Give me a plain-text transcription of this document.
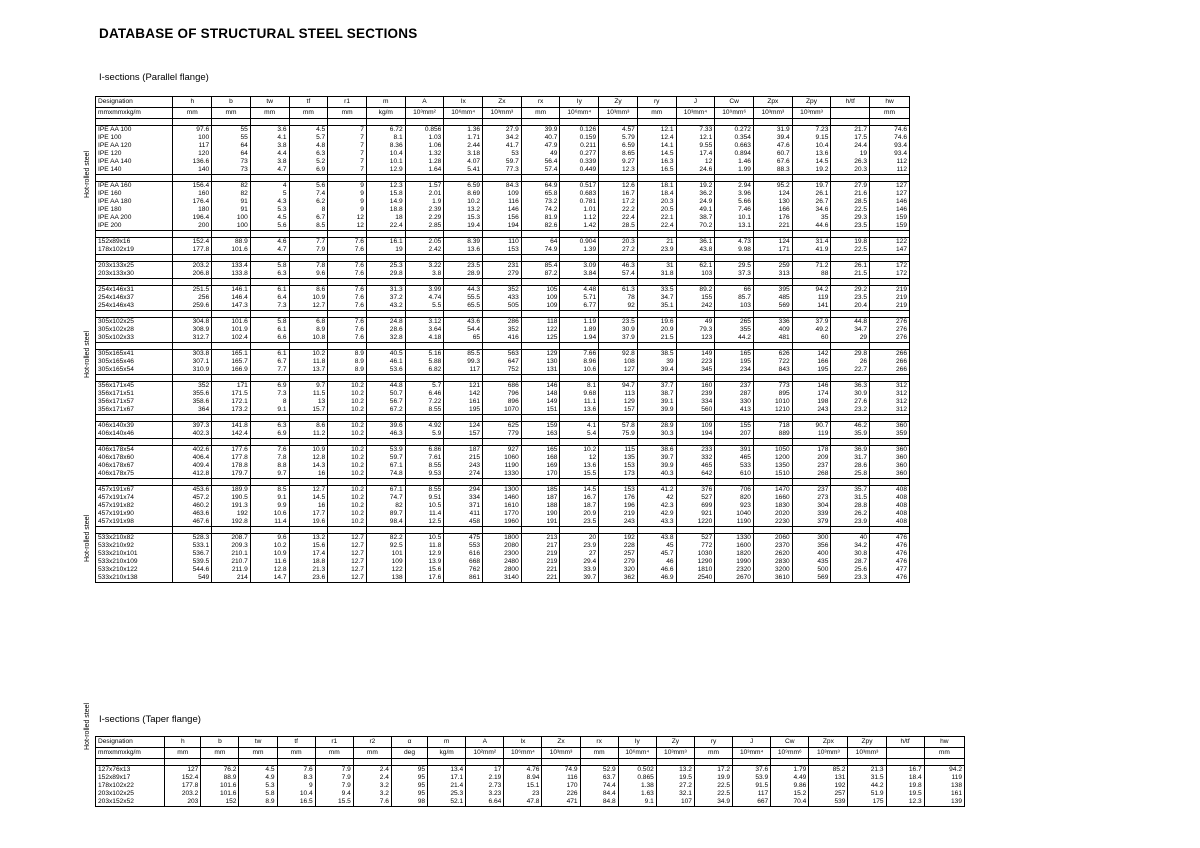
DATABASE OF STRUCTURAL STEEL SECTIONS
I-sections (Parallel flange)
Hot-rolled steel
Hot-rolled steel
Hot-rolled steel
Hot-rolled steel
Designation	h	b	tw	tf	r1	m	A	Ix	Zx	rx	Iy	Zy	ry	J	Cw	Zpx	Zpy	h/tf	hw
mmxmmxkg/m	mm	mm	mm	mm	mm	kg/m	10³mm²	10⁶mm⁴	10³mm³	mm	10⁶mm⁴	10³mm³	mm	10³mm⁴	10⁹mm⁶	10³mm³	10³mm³		mm

IPE AA 100	97.6	55	3.6	4.5	7	6.72	0.856	1.36	27.9	39.9	0.126	4.57	12.1	7.33	0.272	31.9	7.23	21.7	74.6
IPE 100	100	55	4.1	5.7	7	8.1	1.03	1.71	34.2	40.7	0.159	5.79	12.4	12.1	0.354	39.4	9.15	17.5	74.6
IPE AA 120	117	64	3.8	4.8	7	8.36	1.06	2.44	41.7	47.9	0.211	6.59	14.1	9.55	0.663	47.6	10.4	24.4	93.4
IPE 120	120	64	4.4	6.3	7	10.4	1.32	3.18	53	49	0.277	8.65	14.5	17.4	0.894	60.7	13.6	19	93.4
IPE AA 140	136.6	73	3.8	5.2	7	10.1	1.28	4.07	59.7	56.4	0.339	9.27	16.3	12	1.46	67.6	14.5	26.3	112
IPE 140	140	73	4.7	6.9	7	12.9	1.64	5.41	77.3	57.4	0.449	12.3	16.5	24.6	1.99	88.3	19.2	20.3	112

IPE AA 160	156.4	82	4	5.6	9	12.3	1.57	6.59	84.3	64.9	0.517	12.6	18.1	19.2	2.94	95.2	19.7	27.9	127
IPE 160	160	82	5	7.4	9	15.8	2.01	8.69	109	65.8	0.683	16.7	18.4	36.2	3.96	124	26.1	21.6	127
IPE AA 180	176.4	91	4.3	6.2	9	14.9	1.9	10.2	116	73.2	0.781	17.2	20.3	24.9	5.66	130	26.7	28.5	146
IPE 180	180	91	5.3	8	9	18.8	2.39	13.2	146	74.2	1.01	22.2	20.5	49.1	7.46	166	34.6	22.5	146
IPE AA 200	196.4	100	4.5	6.7	12	18	2.29	15.3	156	81.9	1.12	22.4	22.1	38.7	10.1	176	35	29.3	159
IPE 200	200	100	5.6	8.5	12	22.4	2.85	19.4	194	82.6	1.42	28.5	22.4	70.2	13.1	221	44.6	23.5	159

152x89x16	152.4	88.9	4.6	7.7	7.6	16.1	2.05	8.39	110	64	0.904	20.3	21	36.1	4.73	124	31.4	19.8	122
178x102x19	177.8	101.6	4.7	7.9	7.6	19	2.42	13.6	153	74.9	1.39	27.2	23.9	43.8	9.98	171	41.9	22.5	147

203x133x25	203.2	133.4	5.8	7.8	7.6	25.3	3.22	23.5	231	85.4	3.09	46.3	31	62.1	29.5	259	71.2	26.1	172
203x133x30	206.8	133.8	6.3	9.6	7.6	29.8	3.8	28.9	279	87.2	3.84	57.4	31.8	103	37.3	313	88	21.5	172

254x146x31	251.5	146.1	6.1	8.6	7.6	31.3	3.99	44.3	352	105	4.48	61.3	33.5	89.2	66	395	94.2	29.2	219
254x146x37	256	146.4	6.4	10.9	7.6	37.2	4.74	55.5	433	109	5.71	78	34.7	155	85.7	485	119	23.5	219
254x146x43	259.6	147.3	7.3	12.7	7.6	43.2	5.5	65.5	505	109	6.77	92	35.1	242	103	569	141	20.4	219

305x102x25	304.8	101.6	5.8	6.8	7.6	24.8	3.12	43.6	286	118	1.19	23.5	19.6	49	265	336	37.9	44.8	276
305x102x28	308.9	101.9	6.1	8.9	7.6	28.6	3.64	54.4	352	122	1.89	30.9	20.9	79.3	355	409	49.2	34.7	276
305x102x33	312.7	102.4	6.6	10.8	7.6	32.8	4.18	65	416	125	1.94	37.9	21.5	123	44.2	481	60	29	276

305x165x41	303.8	165.1	6.1	10.2	8.9	40.5	5.16	85.5	563	129	7.66	92.8	38.5	149	165	626	142	29.8	266
305x165x46	307.1	165.7	6.7	11.8	8.9	46.1	5.88	99.3	647	130	8.96	108	39	223	195	722	166	26	266
305x165x54	310.9	166.9	7.7	13.7	8.9	53.6	6.82	117	752	131	10.6	127	39.4	345	234	843	195	22.7	266

356x171x45	352	171	6.9	9.7	10.2	44.8	5.7	121	686	146	8.1	94.7	37.7	160	237	773	146	36.3	312
356x171x51	355.6	171.5	7.3	11.5	10.2	50.7	6.46	142	796	148	9.68	113	38.7	239	287	895	174	30.9	312
356x171x57	358.6	172.1	8	13	10.2	56.7	7.22	161	896	149	11.1	129	39.1	334	330	1010	198	27.6	312
356x171x67	364	173.2	9.1	15.7	10.2	67.2	8.55	195	1070	151	13.6	157	39.9	560	413	1210	243	23.2	312

406x140x39	397.3	141.8	6.3	8.6	10.2	39.6	4.92	124	625	159	4.1	57.8	28.9	109	155	718	90.7	46.2	360
406x140x46	402.3	142.4	6.9	11.2	10.2	46.3	5.9	157	779	163	5.4	75.9	30.3	194	207	889	119	35.9	359

406x178x54	402.6	177.6	7.6	10.9	10.2	53.9	6.86	187	927	165	10.2	115	38.6	233	391	1050	178	36.9	360
406x178x60	406.4	177.8	7.8	12.8	10.2	59.7	7.61	215	1060	168	12	135	39.7	332	465	1200	209	31.7	360
406x178x67	409.4	178.8	8.8	14.3	10.2	67.1	8.55	243	1190	169	13.6	153	39.9	465	533	1350	237	28.6	360
406x178x75	412.8	179.7	9.7	16	10.2	74.8	9.53	274	1330	170	15.5	173	40.3	642	610	1510	268	25.8	360

457x191x67	453.6	189.9	8.5	12.7	10.2	67.1	8.55	294	1300	185	14.5	153	41.2	376	706	1470	237	35.7	408
457x191x74	457.2	190.5	9.1	14.5	10.2	74.7	9.51	334	1460	187	16.7	176	42	527	820	1660	273	31.5	408
457x191x82	460.2	191.3	9.9	16	10.2	82	10.5	371	1610	188	18.7	196	42.3	699	923	1830	304	28.8	408
457x191x90	463.6	192	10.6	17.7	10.2	89.7	11.4	411	1770	190	20.9	219	42.9	921	1040	2020	339	26.2	408
457x191x98	467.6	192.8	11.4	19.6	10.2	98.4	12.5	458	1960	191	23.5	243	43.3	1220	1190	2230	379	23.9	408

533x210x82	528.3	208.7	9.6	13.2	12.7	82.2	10.5	475	1800	213	20	192	43.8	527	1330	2060	300	40	476
533x210x92	533.1	209.3	10.2	15.6	12.7	92.5	11.8	553	2080	217	23.9	228	45	772	1600	2370	356	34.2	476
533x210x101	536.7	210.1	10.9	17.4	12.7	101	12.9	616	2300	219	27	257	45.7	1030	1820	2620	400	30.8	476
533x210x109	539.5	210.7	11.6	18.8	12.7	109	13.9	668	2480	219	29.4	279	46	1290	1990	2830	435	28.7	476
533x210x122	544.6	211.9	12.8	21.3	12.7	122	15.6	762	2800	221	33.9	320	46.6	1810	2320	3200	500	25.6	477
533x210x138	549	214	14.7	23.6	12.7	138	17.6	861	3140	221	39.7	362	46.9	2540	2670	3610	569	23.3	476
I-sections (Taper flange)
Designation	h	b	tw	tf	r1	r2	α	m	A	Ix	Zx	rx	Iy	Zy	ry	J	Cw	Zpx	Zpy	h/tf	hw
mmxmmxkg/m	mm	mm	mm	mm	mm	mm	deg	kg/m	10²mm²	10⁶mm⁴	10³mm³	mm	10⁶mm⁴	10³mm³	mm	10³mm⁴	10⁹mm⁶	10³mm³	10³mm³		mm

127x76x13	127	76.2	4.5	7.6	7.9	2.4	95	13.4	17	4.76	74.9	52.9	0.502	13.2	17.2	37.6	1.79	85.2	21.3	16.7	94.2
152x89x17	152.4	88.9	4.9	8.3	7.9	2.4	95	17.1	2.19	8.94	116	63.7	0.865	19.5	19.9	53.9	4.49	131	31.5	18.4	119
178x102x22	177.8	101.6	5.3	9	7.9	3.2	95	21.4	2.73	15.1	170	74.4	1.38	27.2	22.5	91.5	9.86	192	44.2	19.8	138
203x102x25	203.2	101.6	5.8	10.4	9.4	3.2	95	25.3	3.23	23	226	84.4	1.63	32.1	22.5	117	15.2	257	51.9	19.5	161
203x152x52	203	152	8.9	16.5	15.5	7.6	98	52.1	6.64	47.8	471	84.8	9.1	107	34.9	667	70.4	539	175	12.3	139
